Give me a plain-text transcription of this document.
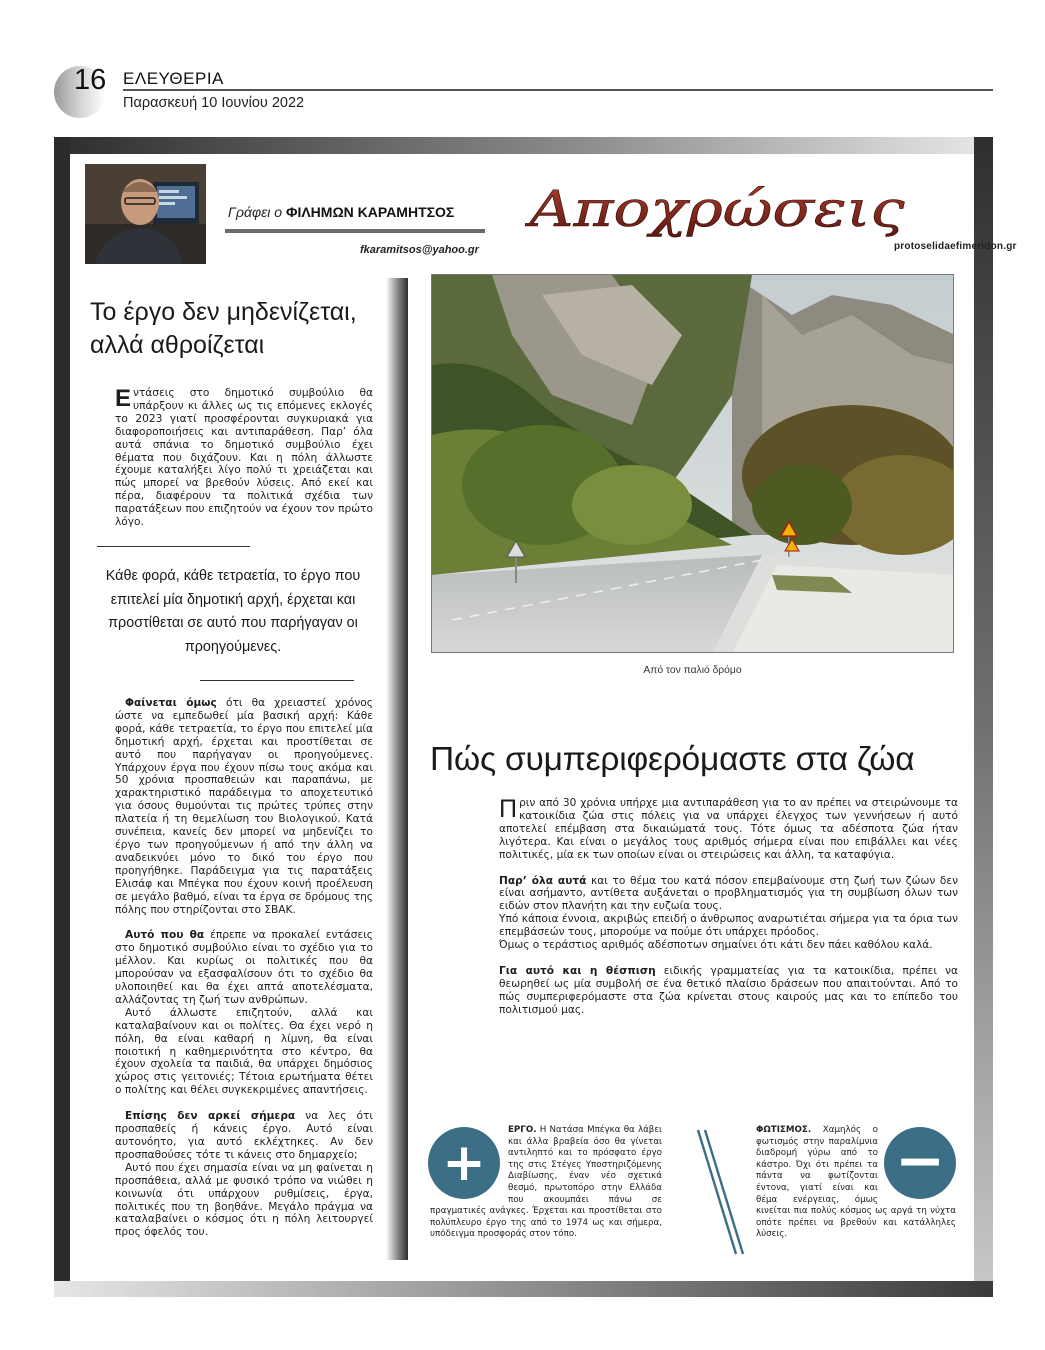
16 ΕΛΕΥΘΕΡΙΑ
Παρασκευή 10 Ιουνίου 2022
Γράφει ο ΦΙΛΗΜΩΝ ΚΑΡΑΜΗΤΣΟΣ
fkaramitsos@yahoo.gr
Αποχρώσεις
protoselidaefimeridon.gr
Το έργο δεν μηδενίζεται, αλλά αθροίζεται
Εντάσεις στο δημοτικό συμβούλιο θα υπάρξουν κι άλλες ως τις επόμενες εκλογές το 2023 γιατί προσφέρονται συγκυριακά για διαφοροποιήσεις και αντιπαράθεση. Παρ’ όλα αυτά σπάνια το δημοτικό συμβούλιο έχει θέματα που διχάζουν. Και η πόλη άλλωστε έχουμε καταλήξει λίγο πολύ τι χρειάζεται και πώς μπορεί να βρεθούν λύσεις. Από εκεί και πέρα, διαφέρουν τα πολιτικά σχέδια των παρατάξεων που επιζητούν να έχουν τον πρώτο λόγο.
Κάθε φορά, κάθε τετραετία, το έργο που επιτελεί μία δημοτική αρχή, έρχεται και προστίθεται σε αυτό που παρήγαγαν οι προηγούμενες.

Φαίνεται όμως ότι θα χρειαστεί χρόνος ώστε να εμπεδωθεί μία βασική αρχή: Κάθε φορά, κάθε τετραετία, το έργο που επιτελεί μία δημοτική αρχή, έρχεται και προστίθεται σε αυτό που παρήγαγαν οι προηγούμενες. Υπάρχουν έργα που έχουν πίσω τους ακόμα και 50 χρόνια προσπαθειών και παραπάνω, με χαρακτηριστικό παράδειγμα το αποχετευτικό για όσους θυμούνται τις πρώτες τρύπες στην πλατεία ή τη θεμελίωση του Βιολογικού. Κατά συνέπεια, κανείς δεν μπορεί να μηδενίζει το έργο των προηγούμενων ή από την άλλη να αναδεικνύει μόνο το δικό του έργο που προηγήθηκε. Παράδειγμα για τις παρατάξεις Ελισάφ και Μπέγκα που έχουν κοινή προέλευση σε μεγάλο βαθμό, είναι τα έργα σε δρόμους της πόλης που στηρίζονται στο ΣΒΑΚ.

Αυτό που θα έπρεπε να προκαλεί εντάσεις στο δημοτικό συμβούλιο είναι το σχέδιο για το μέλλον. Και κυρίως οι πολιτικές που θα μπορούσαν να εξασφαλίσουν ότι το σχέδιο θα υλοποιηθεί και θα έχει απτά αποτελέσματα, αλλάζοντας τη ζωή των ανθρώπων.

Αυτό άλλωστε επιζητούν, αλλά και καταλαβαίνουν και οι πολίτες. Θα έχει νερό η πόλη, θα είναι καθαρή η λίμνη, θα είναι ποιοτική η καθημερινότητα στο κέντρο, θα έχουν σχολεία τα παιδιά, θα υπάρχει δημόσιος χώρος στις γειτονιές; Τέτοια ερωτήματα θέτει ο πολίτης και θέλει συγκεκριμένες απαντήσεις.

Επίσης δεν αρκεί σήμερα να λες ότι προσπαθείς ή κάνεις έργο. Αυτό είναι αυτονόητο, για αυτό εκλέχτηκες. Αν δεν προσπαθούσες τότε τι κάνεις στο δημαρχείο;

Αυτό που έχει σημασία είναι να μη φαίνεται η προσπάθεια, αλλά με φυσικό τρόπο να νιώθει η κοινωνία ότι υπάρχουν ρυθμίσεις, έργα, πολιτικές που τη βοηθάνε. Μεγάλο πράγμα να καταλαβαίνει ο κόσμος ότι η πόλη λειτουργεί προς όφελός του.

Από τον παλιό δρόμο
Πώς συμπεριφερόμαστε στα ζώα

Πριν από 30 χρόνια υπήρχε μια αντιπαράθεση για το αν πρέπει να στειρώνουμε τα κατοικίδια ζώα στις πόλεις για να υπάρχει έλεγχος των γεννήσεων ή αυτό αποτελεί επέμβαση στα δικαιώματά τους. Τότε όμως τα αδέσποτα ζώα ήταν λιγότερα. Και είναι ο μεγάλος τους αριθμός σήμερα είναι που επιβάλλει και νέες πολιτικές, μία εκ των οποίων είναι οι στειρώσεις και άλλη, τα καταφύγια.

Παρ’ όλα αυτά και το θέμα του κατά πόσον επεμβαίνουμε στη ζωή των ζώων δεν είναι ασήμαντο, αντίθετα αυξάνεται ο προβληματισμός για τη συμβίωση όλων των ειδών στον πλανήτη και την ευζωία τους.

Υπό κάποια έννοια, ακριβώς επειδή ο άνθρωπος αναρωτιέται σήμερα για τα όρια των επεμβάσεών τους, μπορούμε να πούμε ότι υπάρχει πρόοδος.

Όμως ο τεράστιος αριθμός αδέσποτων σημαίνει ότι κάτι δεν πάει καθόλου καλά.

Για αυτό και η θέσπιση ειδικής γραμματείας για τα κατοικίδια, πρέπει να θεωρηθεί ως μία συμβολή σε ένα θετικό πλαίσιο δράσεων που απαιτούνται. Από το πώς συμπεριφερόμαστε στα ζώα κρίνεται στους καιρούς μας και το επίπεδο του πολιτισμού μας.

+
ΕΡΓΟ. Η Νατάσα Μπέγκα θα λάβει και άλλα βραβεία όσο θα γίνεται αντιληπτό και το πρόσφατο έργο της στις Στέγες Υποστηριζόμενης Διαβίωσης, έναν νέο σχετικά θεσμό, πρωτοπόρο στην Ελλάδα που ακουμπάει πάνω σε πραγματικές ανάγκες. Έρχεται και προστίθεται στο πολύπλευρο έργο της από το 1974 ως και σήμερα, υπόδειγμα προσφοράς στον τόπο.
−
ΦΩΤΙΣΜΟΣ. Χαμηλός ο φωτισμός στην παραλίμνια διαδρομή γύρω από το κάστρο. Όχι ότι πρέπει τα πάντα να φωτίζονται έντονα, γιατί είναι και θέμα ενέργειας, όμως κινείται πια πολύς κόσμος ως αργά τη νύχτα οπότε πρέπει να βρεθούν και κατάλληλες λύσεις.
